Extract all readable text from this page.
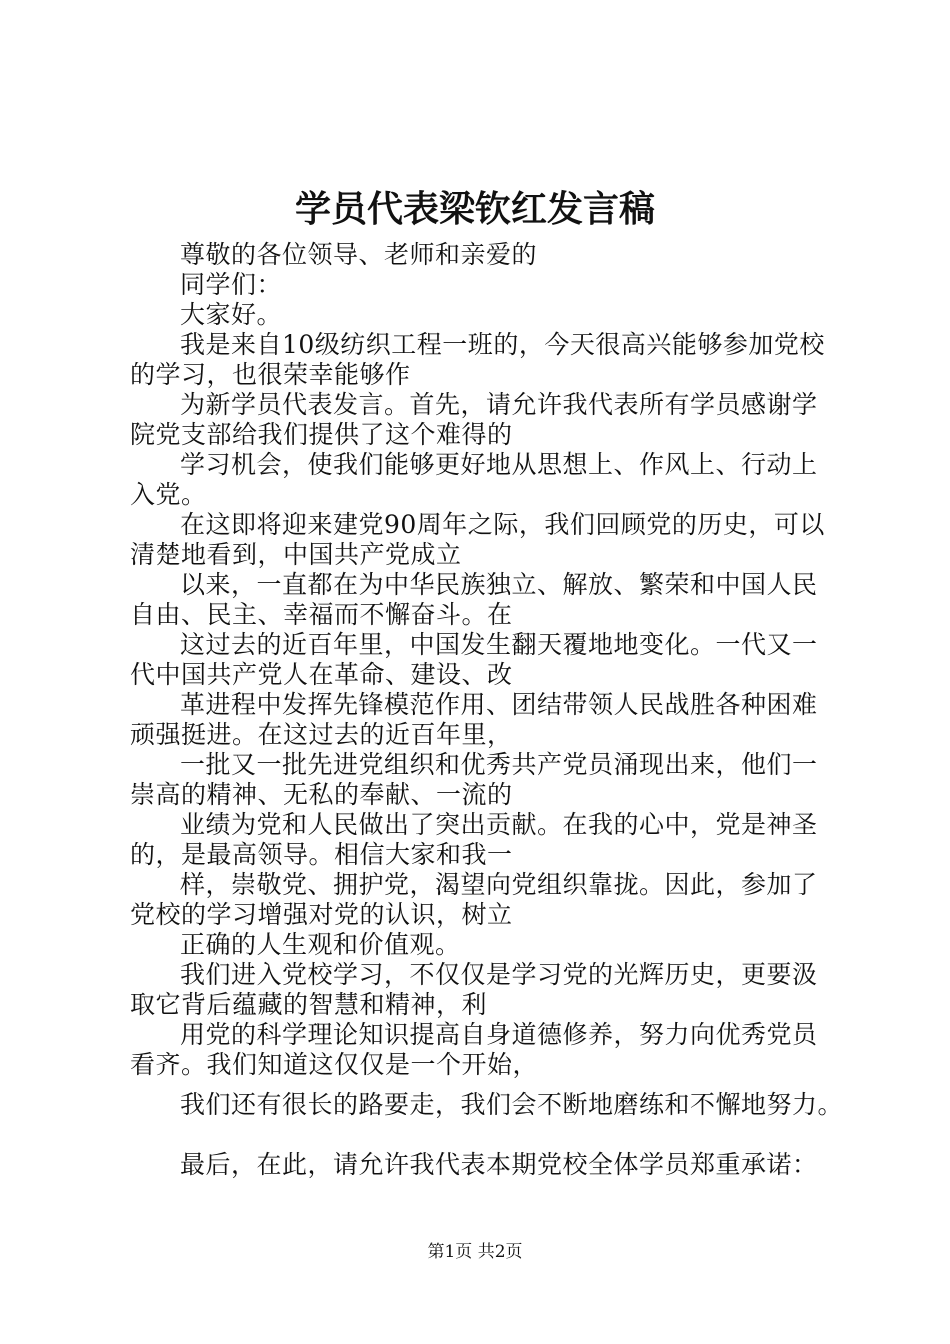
学员代表梁钦红发言稿
尊敬的各位领导、老师和亲爱的
同学们：
大家好。
我是来自10级纺织工程一班的，今天很高兴能够参加党校
的学习，也很荣幸能够作
为新学员代表发言。首先，请允许我代表所有学员感谢学
院党支部给我们提供了这个难得的
学习机会，使我们能够更好地从思想上、作风上、行动上
入党。
在这即将迎来建党90周年之际，我们回顾党的历史，可以
清楚地看到，中国共产党成立
以来，一直都在为中华民族独立、解放、繁荣和中国人民
自由、民主、幸福而不懈奋斗。在
这过去的近百年里，中国发生翻天覆地地变化。一代又一
代中国共产党人在革命、建设、改
革进程中发挥先锋模范作用、团结带领人民战胜各种困难
顽强挺进。在这过去的近百年里，
一批又一批先进党组织和优秀共产党员涌现出来，他们一
崇高的精神、无私的奉献、一流的
业绩为党和人民做出了突出贡献。在我的心中，党是神圣
的，是最高领导。相信大家和我一
样，崇敬党、拥护党，渴望向党组织靠拢。因此，参加了
党校的学习增强对党的认识，树立
正确的人生观和价值观。
我们进入党校学习，不仅仅是学习党的光辉历史，更要汲
取它背后蕴藏的智慧和精神，利
用党的科学理论知识提高自身道德修养，努力向优秀党员
看齐。我们知道这仅仅是一个开始，
我们还有很长的路要走，我们会不断地磨练和不懈地努力。
最后，在此，请允许我代表本期党校全体学员郑重承诺：
第1页 共2页
